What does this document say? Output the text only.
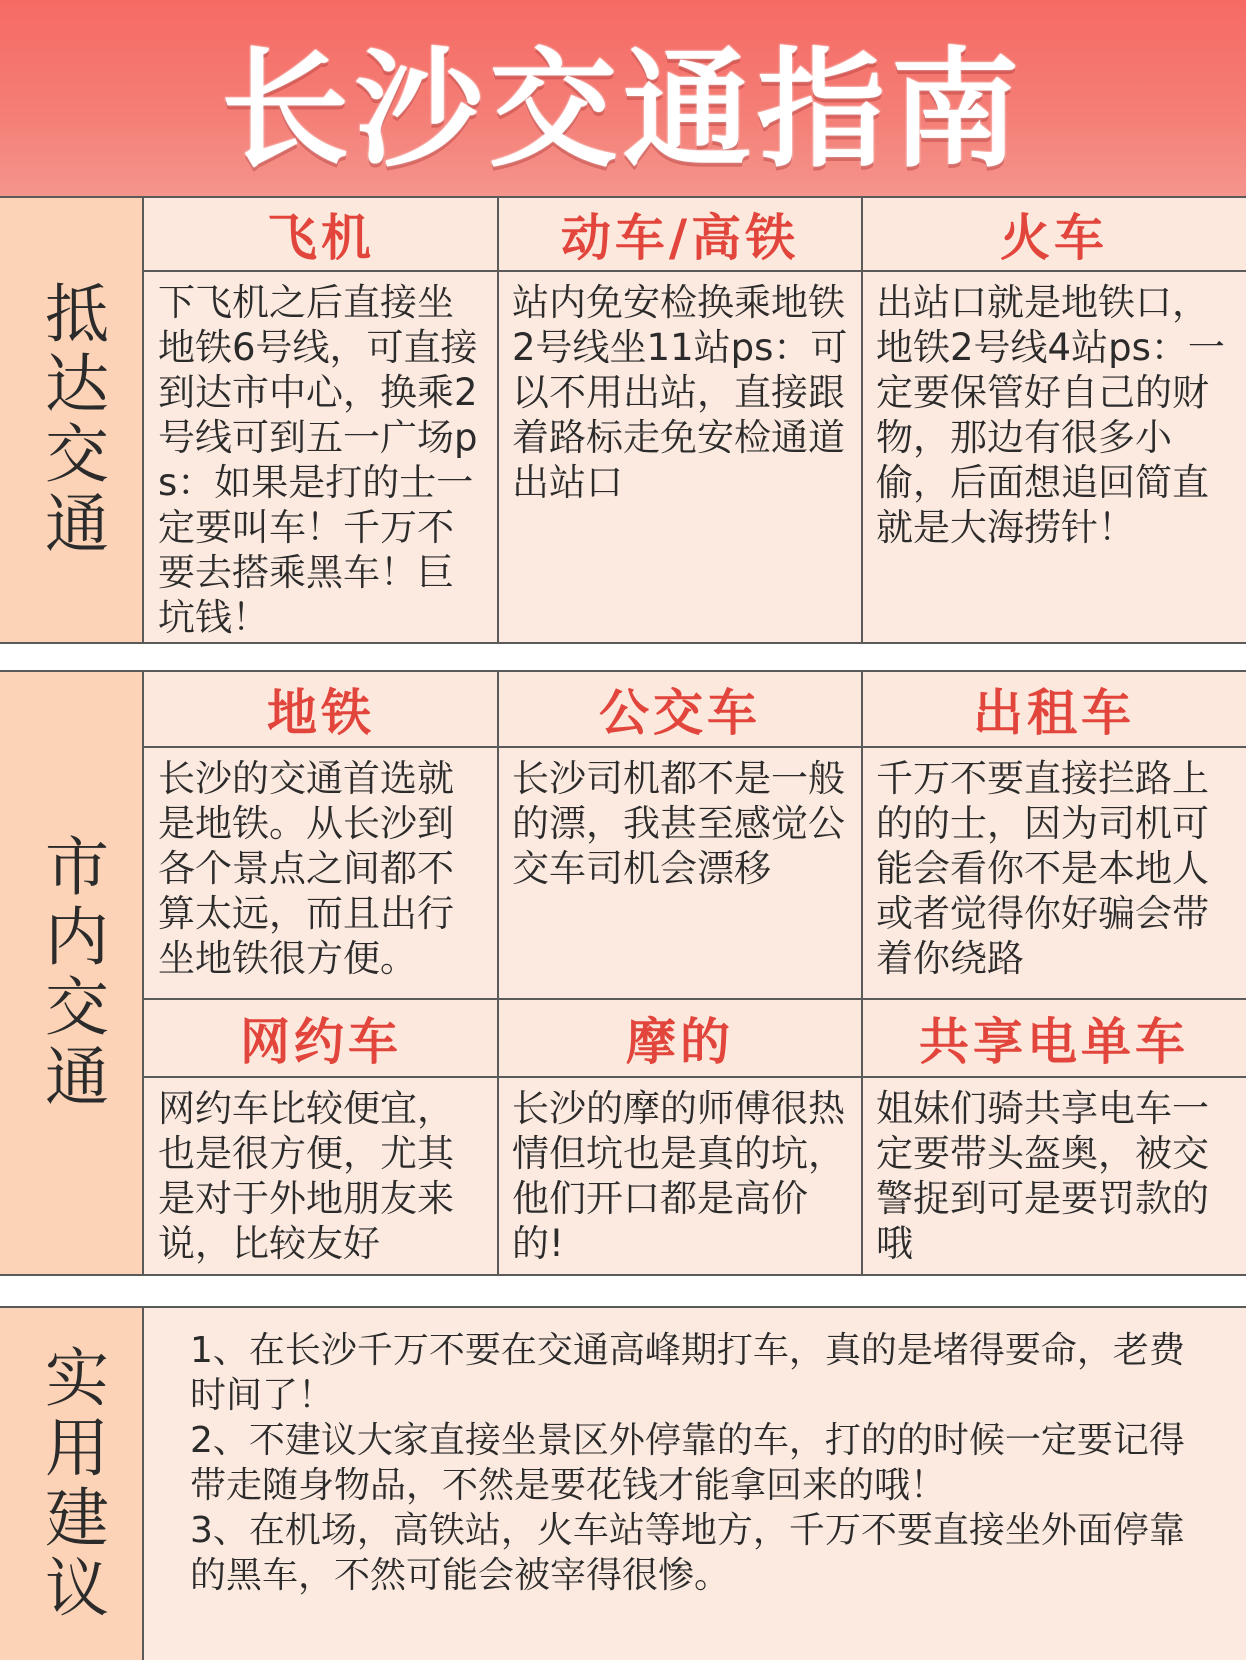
长沙交通指南
抵达交通
飞机	动车/高铁	火车
下飞机之后直接坐地铁6号线，可直接到达市中心，换乘2号线可到五一广场ps：如果是打的士一定要叫车！千万不要去搭乘黑车！巨坑钱！
站内免安检换乘地铁2号线坐11站ps：可以不用出站，直接跟着路标走免安检通道出站口
出站口就是地铁口，地铁2号线4站ps：一定要保管好自己的财物，那边有很多小偷，后面想追回简直就是大海捞针！
市内交通
地铁	公交车	出租车
长沙的交通首选就是地铁。从长沙到各个景点之间都不算太远，而且出行坐地铁很方便。
长沙司机都不是一般的漂，我甚至感觉公交车司机会漂移
千万不要直接拦路上的的士，因为司机可能会看你不是本地人或者觉得你好骗会带着你绕路
网约车	摩的	共享电单车
网约车比较便宜，也是很方便，尤其是对于外地朋友来说，比较友好
长沙的摩的师傅很热情但坑也是真的坑，他们开口都是高价的!
姐妹们骑共享电车一定要带头盔奥，被交警捉到可是要罚款的哦
实用建议 1、在长沙千万不要在交通高峰期打车，真的是堵得要命，老费时间了！
2、不建议大家直接坐景区外停靠的车，打的的时候一定要记得带走随身物品，不然是要花钱才能拿回来的哦！
3、在机场，高铁站，火车站等地方，千万不要直接坐外面停靠的黑车，不然可能会被宰得很惨。
